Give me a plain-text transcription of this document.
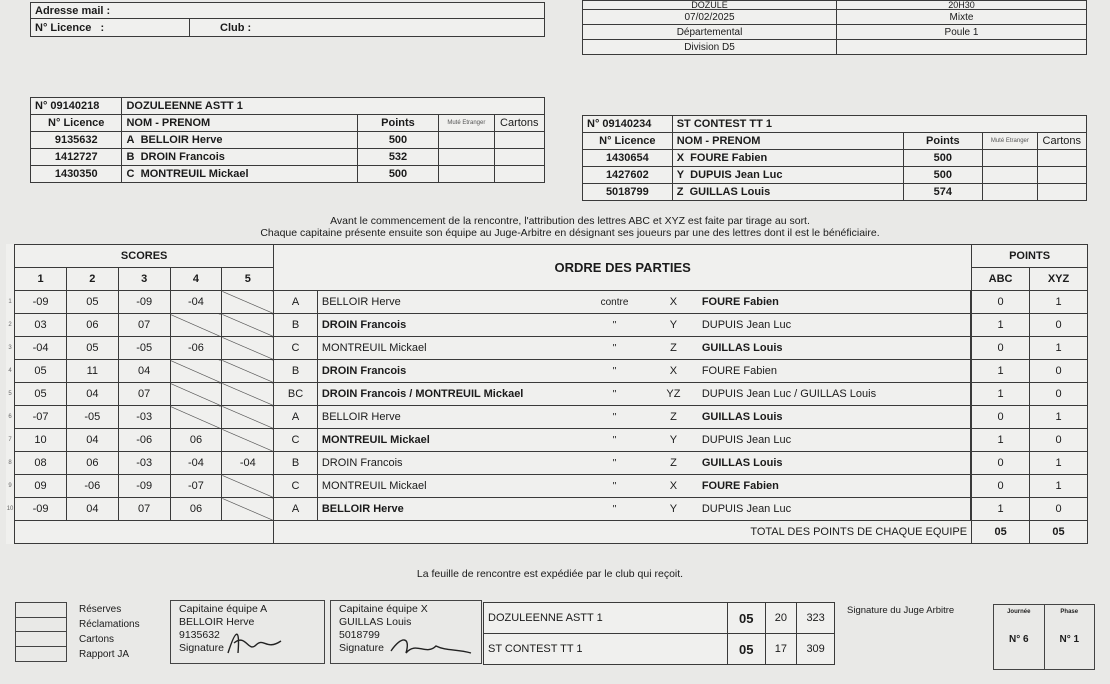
Adresse mail :
N° Licence :	Club :
DOZULE	20H30
07/02/2025	Mixte
Départemental	Poule 1
Division D5	
N° 09140218	DOZULEENNE ASTT 1			
N° Licence	NOM - PRENOM	Points	Muté Etranger	Cartons
9135632	A BELLOIR Herve	500		
1412727	B DROIN Francois	532		
1430350	C MONTREUIL Mickael	500		
N° 09140234	ST CONTEST TT 1			
N° Licence	NOM - PRENOM	Points	Muté Etranger	Cartons
1430654	X FOURE Fabien	500		
1427602	Y DUPUIS Jean Luc	500		
5018799	Z GUILLAS Louis	574		
Avant le commencement de la rencontre, l'attribution des lettres ABC et XYZ est faite par tirage au sort.
Chaque capitaine présente ensuite son équipe au Juge-Arbitre en désignant ses joueurs par une des lettres dont il est le bénéficiaire.
	SCORES					ORDRE DES PARTIES					POINTS	
	1	2	3	4	5						ABC	XYZ
1	-09	05	-09	-04		A	BELLOIR Herve	contre	X	FOURE Fabien		0	1
2	03	06	07			B	DROIN Francois	"	Y	DUPUIS Jean Luc		1	0
3	-04	05	-05	-06		C	MONTREUIL Mickael	"	Z	GUILLAS Louis		0	1
4	05	11	04			B	DROIN Francois	"	X	FOURE Fabien		1	0
5	05	04	07			BC	DROIN Francois / MONTREUIL Mickael	"	YZ	DUPUIS Jean Luc / GUILLAS Louis		1	0
6	-07	-05	-03			A	BELLOIR Herve	"	Z	GUILLAS Louis		0	1
7	10	04	-06	06		C	MONTREUIL Mickael	"	Y	DUPUIS Jean Luc		1	0
8	08	06	-03	-04	-04	B	DROIN Francois	"	Z	GUILLAS Louis		0	1
9	09	-06	-09	-07		C	MONTREUIL Mickael	"	X	FOURE Fabien		0	1
10	-09	04	07	06		A	BELLOIR Herve	"	Y	DUPUIS Jean Luc		1	0
						TOTAL DES POINTS DE CHAQUE EQUIPE					05	05
La feuille de rencontre est expédiée par le club qui reçoit.
Réserves
Réclamations
Cartons
Rapport JA
Capitaine équipe A
BELLOIR Herve
9135632
Signature
Capitaine équipe X
GUILLAS Louis
5018799
Signature
DOZULEENNE ASTT 1	05	20	323
ST CONTEST TT 1	05	17	309
Signature du Juge Arbitre	Journée
N° 6
Phase
N° 1
